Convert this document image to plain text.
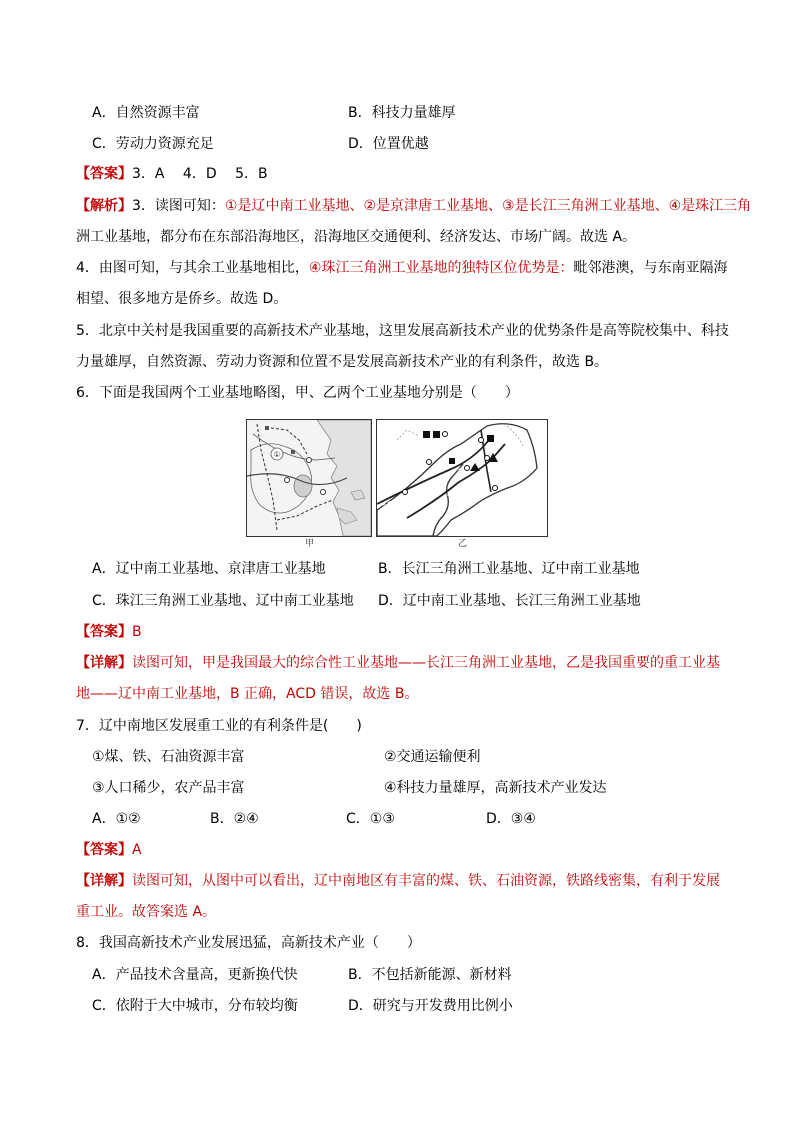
A．自然资源丰富	B．科技力量雄厚
C．劳动力资源充足	D．位置优越
【答案】3．A　 4．D　 5．B
【解析】3．读图可知：①是辽中南工业基地、②是京津唐工业基地、③是长江三角洲工业基地、④是珠江三角
洲工业基地，都分布在东部沿海地区，沿海地区交通便利、经济发达、市场广阔。故选 A。
4．由图可知，与其余工业基地相比，④珠江三角洲工业基地的独特区位优势是：毗邻港澳，与东南亚隔海
相望、很多地方是侨乡。故选 D。
5．北京中关村是我国重要的高新技术产业基地，这里发展高新技术产业的优势条件是高等院校集中、科技
力量雄厚，自然资源、劳动力资源和位置不是发展高新技术产业的有利条件，故选 B。
6．下面是我国两个工业基地略图，甲、乙两个工业基地分别是（　　）
①
甲	乙
A．辽中南工业基地、京津唐工业基地	B．长江三角洲工业基地、辽中南工业基地
C．珠江三角洲工业基地、辽中南工业基地 D．辽中南工业基地、长江三角洲工业基地
【答案】B
【详解】读图可知，甲是我国最大的综合性工业基地——长江三角洲工业基地，乙是我国重要的重工业基
地——辽中南工业基地，B 正确，ACD 错误，故选 B。
7．辽中南地区发展重工业的有利条件是(　　)
①煤、铁、石油资源丰富	②交通运输便利
③人口稀少，农产品丰富	④科技力量雄厚，高新技术产业发达
A．①②	B．②④	C．①③	D．③④
【答案】A
【详解】读图可知，从图中可以看出，辽中南地区有丰富的煤、铁、石油资源，铁路线密集，有利于发展
重工业。故答案选 A。
8．我国高新技术产业发展迅猛，高新技术产业（　　）
A．产品技术含量高，更新换代快	B．不包括新能源、新材料
C．依附于大中城市，分布较均衡	D．研究与开发费用比例小
